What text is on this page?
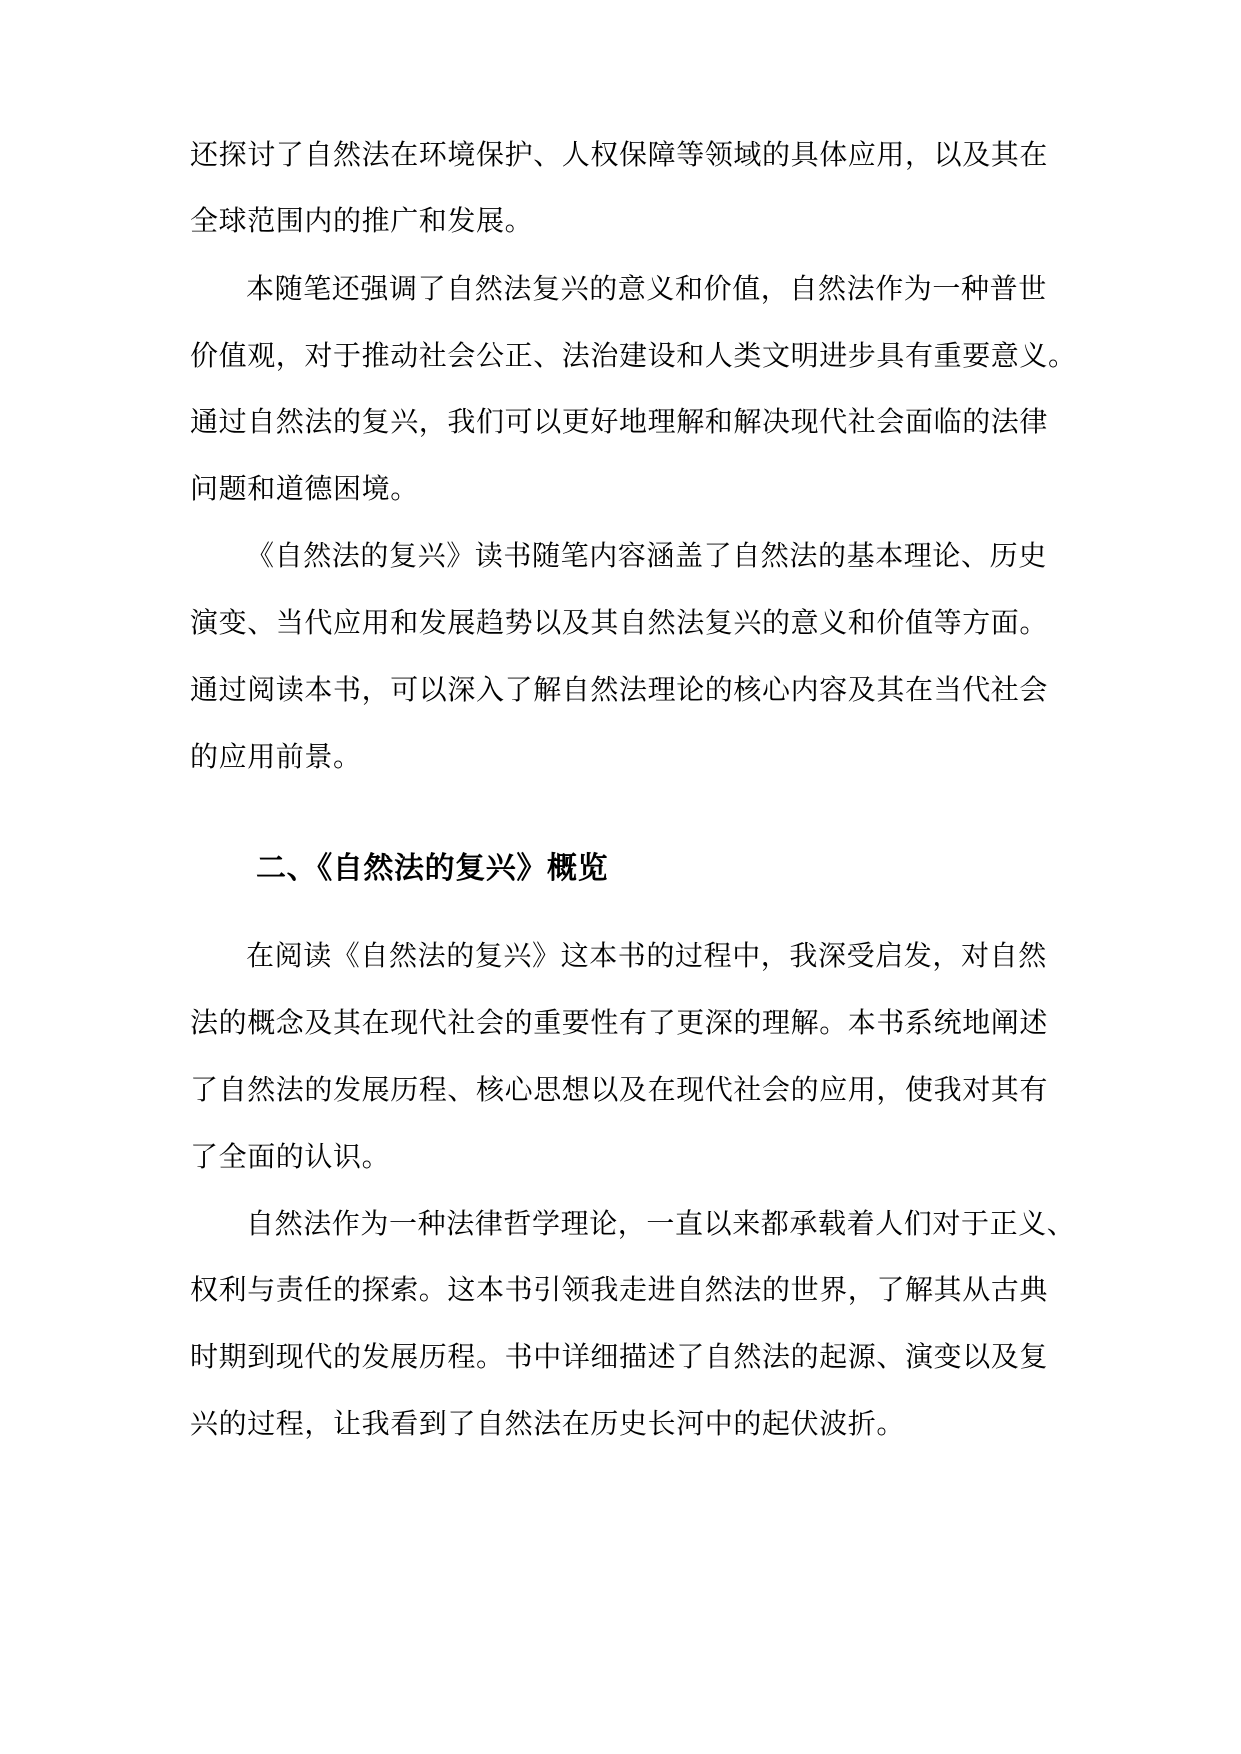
还探讨了自然法在环境保护、人权保障等领域的具体应用，以及其在
全球范围内的推广和发展。
本随笔还强调了自然法复兴的意义和价值，自然法作为一种普世
价值观，对于推动社会公正、法治建设和人类文明进步具有重要意义。
通过自然法的复兴，我们可以更好地理解和解决现代社会面临的法律
问题和道德困境。
《自然法的复兴》读书随笔内容涵盖了自然法的基本理论、历史
演变、当代应用和发展趋势以及其自然法复兴的意义和价值等方面。
通过阅读本书，可以深入了解自然法理论的核心内容及其在当代社会
的应用前景。
二、《自然法的复兴》概览
在阅读《自然法的复兴》这本书的过程中，我深受启发，对自然
法的概念及其在现代社会的重要性有了更深的理解。本书系统地阐述
了自然法的发展历程、核心思想以及在现代社会的应用，使我对其有
了全面的认识。
自然法作为一种法律哲学理论，一直以来都承载着人们对于正义、
权利与责任的探索。这本书引领我走进自然法的世界，了解其从古典
时期到现代的发展历程。书中详细描述了自然法的起源、演变以及复
兴的过程，让我看到了自然法在历史长河中的起伏波折。
